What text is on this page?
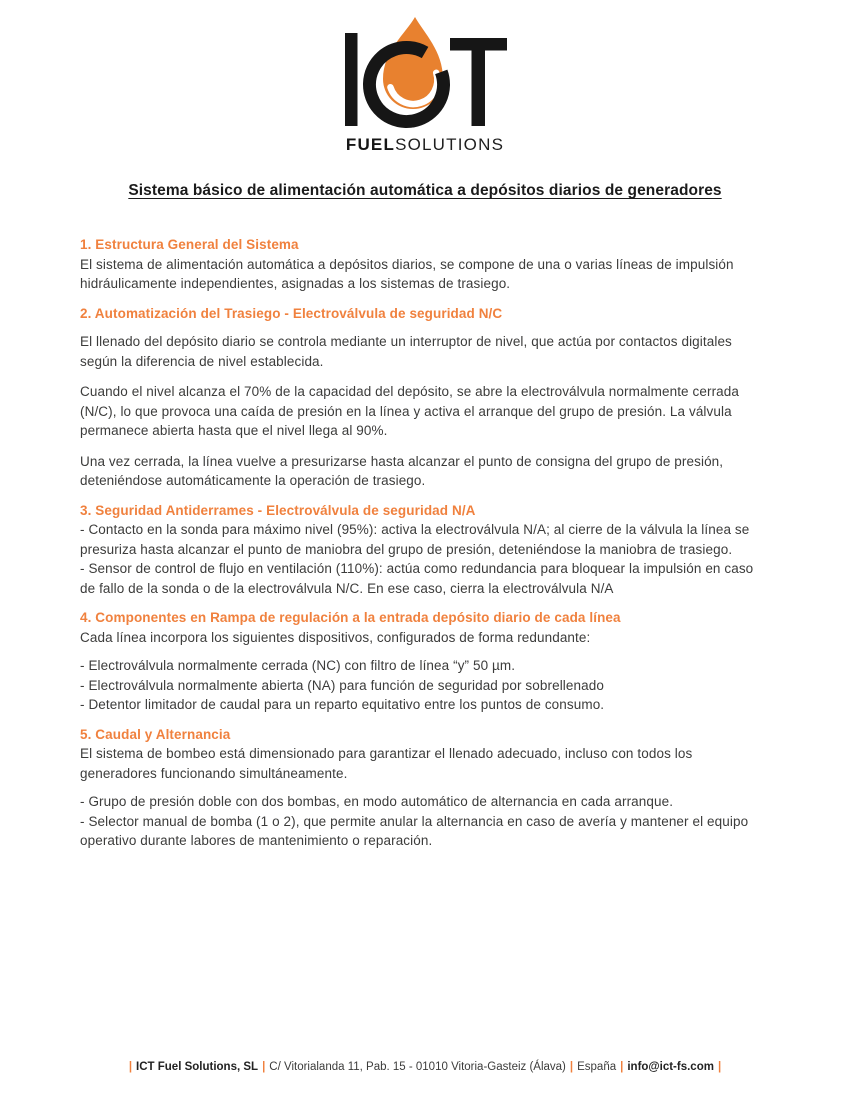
FUELSOLUTIONS
Sistema básico de alimentación automática a depósitos diarios de generadores
1. Estructura General del Sistema

El sistema de alimentación automática a depósitos diarios, se compone de una o varias líneas de impulsión hidráulicamente independientes, asignadas a los sistemas de trasiego.

2. Automatización del Trasiego - Electroválvula de seguridad N/C

El llenado del depósito diario se controla mediante un interruptor de nivel, que actúa por contactos digitales según la diferencia de nivel establecida.

Cuando el nivel alcanza el 70% de la capacidad del depósito, se abre la electroválvula normalmente cerrada (N/C), lo que provoca una caída de presión en la línea y activa el arranque del grupo de presión. La válvula permanece abierta hasta que el nivel llega al 90%.

Una vez cerrada, la línea vuelve a presurizarse hasta alcanzar el punto de consigna del grupo de presión, deteniéndose automáticamente la operación de trasiego.

3. Seguridad Antiderrames - Electroválvula de seguridad N/A

- Contacto en la sonda para máximo nivel (95%): activa la electroválvula N/A; al cierre de la válvula la línea se presuriza hasta alcanzar el punto de maniobra del grupo de presión, deteniéndose la maniobra de trasiego.

- Sensor de control de flujo en ventilación (110%): actúa como redundancia para bloquear la impulsión en caso de fallo de la sonda o de la electroválvula N/C. En ese caso, cierra la electroválvula N/A

4. Componentes en Rampa de regulación a la entrada depósito diario de cada línea

Cada línea incorpora los siguientes dispositivos, configurados de forma redundante:

- Electroválvula normalmente cerrada (NC) con filtro de línea “y” 50 µm.

- Electroválvula normalmente abierta (NA) para función de seguridad por sobrellenado

- Detentor limitador de caudal para un reparto equitativo entre los puntos de consumo.

5. Caudal y Alternancia

El sistema de bombeo está dimensionado para garantizar el llenado adecuado, incluso con todos los generadores funcionando simultáneamente.

- Grupo de presión doble con dos bombas, en modo automático de alternancia en cada arranque.

- Selector manual de bomba (1 o 2), que permite anular la alternancia en caso de avería y mantener el equipo operativo durante labores de mantenimiento o reparación.

| ICT Fuel Solutions, SL | C/ Vitorialanda 11, Pab. 15 - 01010 Vitoria-Gasteiz (Álava) | España | info@ict-fs.com |
